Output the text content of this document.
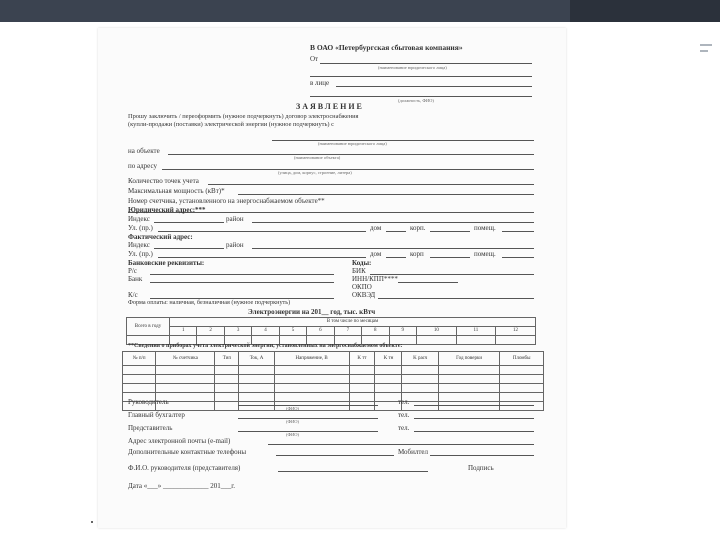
В ОАО «Петербургская сбытовая компания»
От
(наименование юридического лица)
в лице
(должность, ФИО)
ЗАЯВЛЕНИЕ
Прошу заключить / переоформить (нужное подчеркнуть) договор электроснабжения
(купли-продажи (поставки) электрической энергии (нужное подчеркнуть) с
(наименование юридического лица)
на объекте
(наименование объекта)
по адресу
(улица, дом, корпус, строение, литера)
Количество точек учета
Максимальная мощность (кВт)*
Номер счетчика, установленного на энергоснабжаемом объекте**
Юридический адрес:***
Индекс	район
Ул. (пр.)	дом	корп.	помещ.
Фактический адрес:
Индекс	район
Ул. (пр.)	дом	корп	помещ.
Банковские реквизиты:	Коды:
Р/с	БИК
Банк	ИНН/КПП****
ОКПО
К/с	ОКВЭД
Форма оплаты: наличная, безналичная (нужное подчеркнуть)
Электроэнергии на 201__ год, тыс. кВтч
Всего в году	В том числе по месяцам											
	1	2	3	4	5	6	7	8	9	10	11	12

**Сведения о приборах учета электрической энергии, установленных на энергоснабжаемом объекте:
№ п/п	№ счетчика	Тип	Ток, А	Напряжение, В	K тт	K тн	K расч	Год поверки	Пломбы

Руководитель	тел.
(ФИО)
Главный бухгалтер	тел.
(ФИО)
Представитель	тел.
(ФИО)
Адрес электронной почты (e-mail)
Дополнительные контактные телефоны	Мобилтел
Ф.И.О. руководителя (представителя)	Подпись
Дата «___» _____________ 201___г.
